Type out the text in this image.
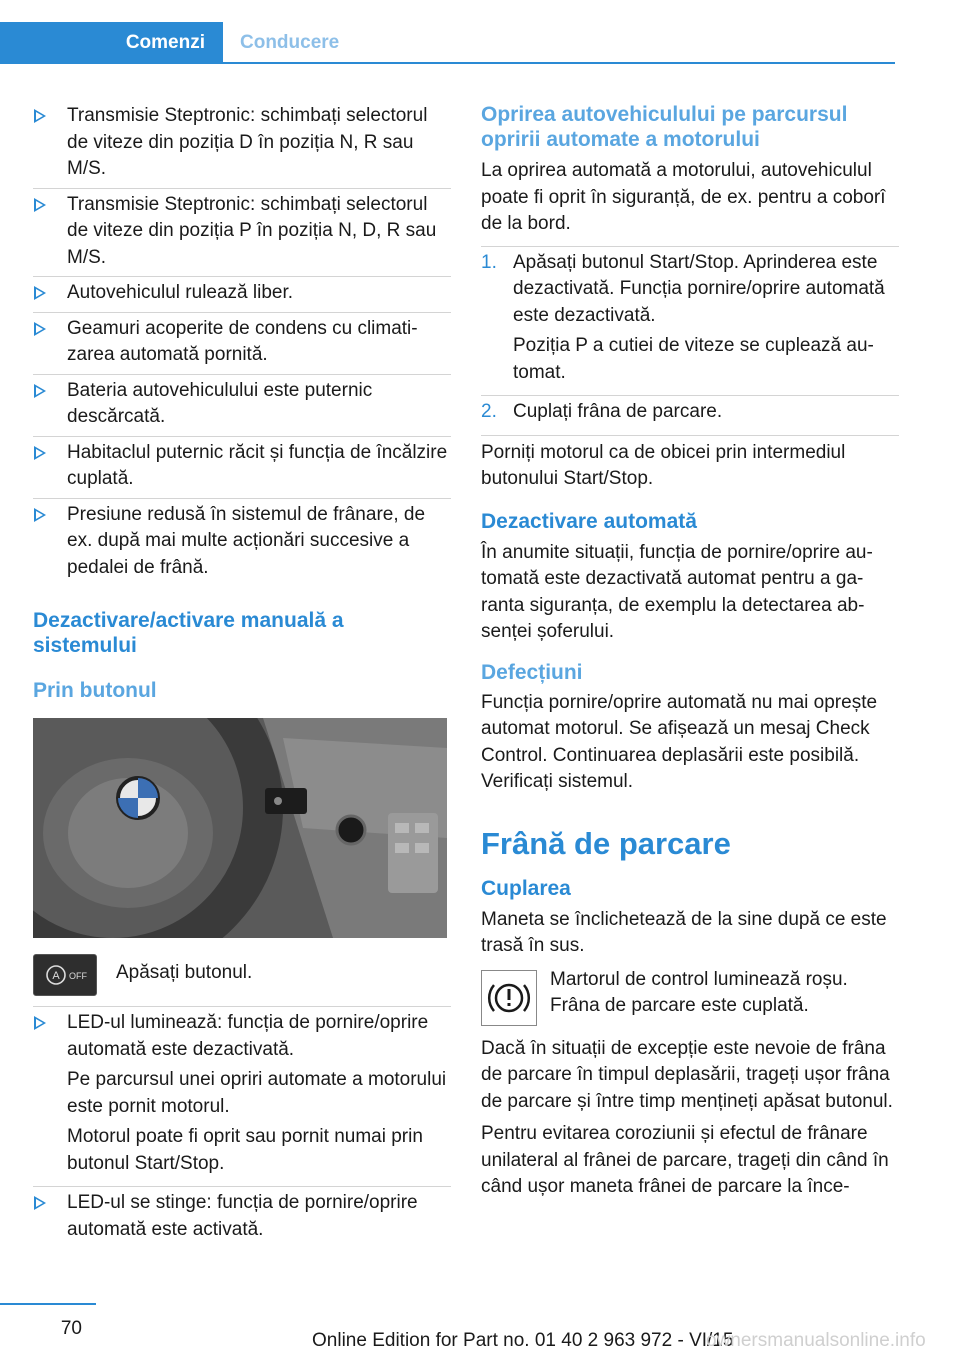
Comenzi	Conducere
Transmisie Steptronic: schimbați selectorul de viteze din poziția D în poziția N, R sau M/S.
Transmisie Steptronic: schimbați selectorul de viteze din poziția P în poziția N, D, R sau M/S.
Autovehiculul rulează liber.
Geamuri acoperite de condens cu climatizarea automată pornită.
Bateria autovehiculului este puternic descărcată.
Habitaclul puternic răcit și funcția de încălzire cuplată.
Presiune redusă în sistemul de frânare, de ex. după mai multe acționări succesive a pedalei de frână.
Dezactivare/activare manuală a sistemului
Prin butonul
A OFF Apăsați butonul.

LED-ul luminează: funcția de pornire/oprire automată este dezactivată.

Pe parcursul unei opriri automate a motorului este pornit motorul.

Motorul poate fi oprit sau pornit numai prin butonul Start/Stop.

LED-ul se stinge: funcția de pornire/oprire automată este activată.

Oprirea autovehiculului pe parcursul opririi automate a motorului

La oprirea automată a motorului, autovehiculul poate fi oprit în siguranță, de ex. pentru a coborî de la bord.

1. Apăsați butonul Start/Stop. Aprinderea este dezactivată. Funcția pornire/oprire automată este dezactivată.

Poziția P a cutiei de viteze se cuplează automat.

2. Cuplați frâna de parcare.

Porniți motorul ca de obicei prin intermediul butonului Start/Stop.

Dezactivare automată

În anumite situații, funcția de pornire/oprire automată este dezactivată automat pentru a garanta siguranța, de exemplu la detectarea absenței șoferului.

Defecțiuni

Funcția pornire/oprire automată nu mai oprește automat motorul. Se afișează un mesaj Check Control. Continuarea deplasării este posibilă. Verificați sistemul.

Frână de parcare
Cuplarea

Maneta se înclichetează de la sine după ce este trasă în sus.

Martorul de control luminează roșu. Frâna de parcare este cuplată.

Dacă în situații de excepție este nevoie de frâna de parcare în timpul deplasării, trageți ușor frâna de parcare și între timp mențineți apăsat butonul.

Pentru evitarea coroziunii și efectul de frânare unilateral al frânei de parcare, trageți din când în când ușor maneta frânei de parcare la înce-

70
Online Edition for Part no. 01 40 2 963 972 - VI/15
ownersmanualsonline.info
